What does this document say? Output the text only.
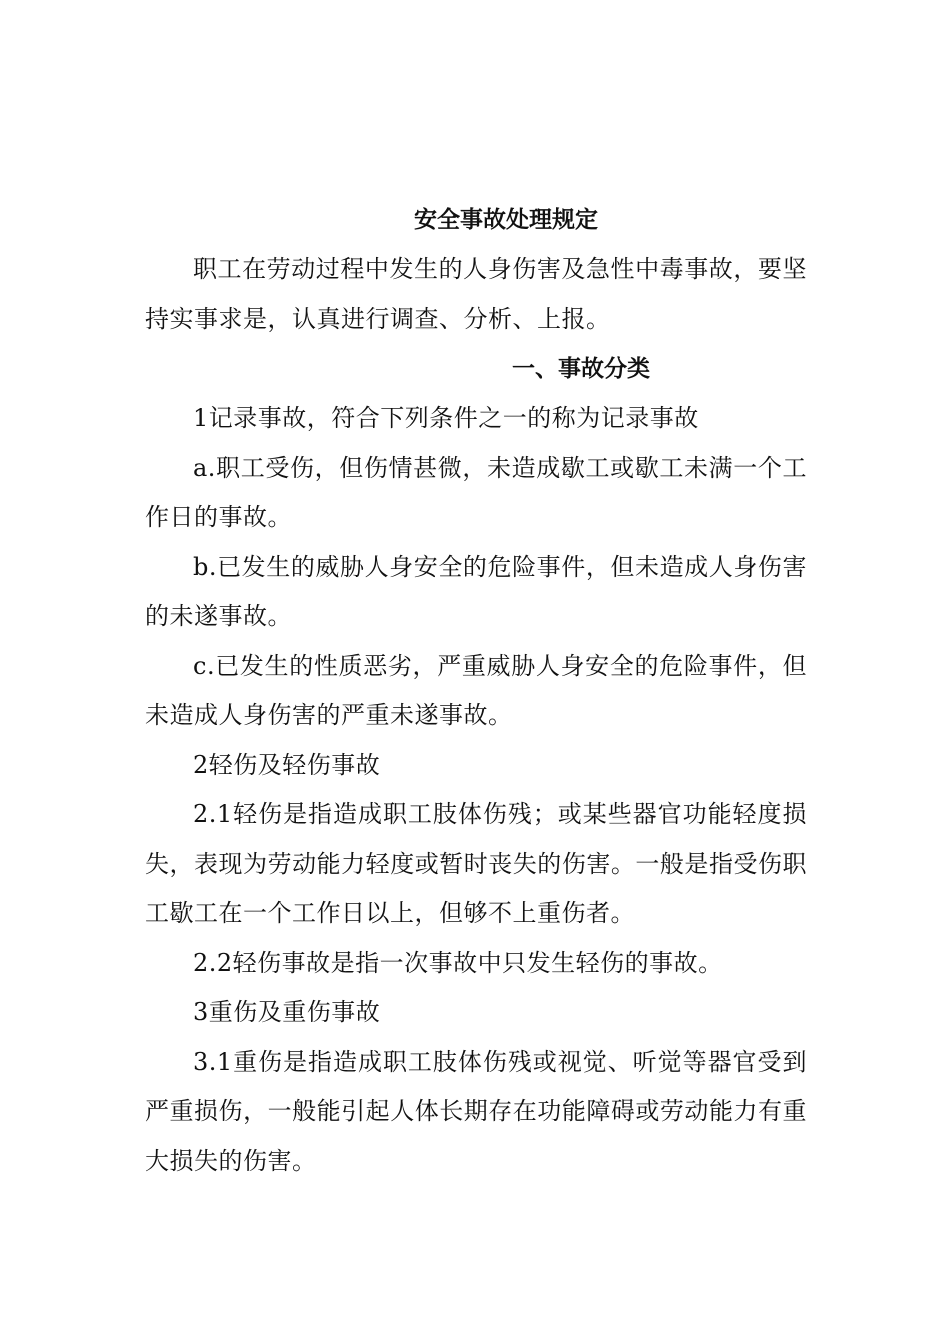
安全事故处理规定

职工在劳动过程中发生的人身伤害及急性中毒事故，要坚持实事求是，认真进行调查、分析、上报。

一、事故分类

1记录事故，符合下列条件之一的称为记录事故

a.职工受伤，但伤情甚微，未造成歇工或歇工未满一个工作日的事故。

b.已发生的威胁人身安全的危险事件，但未造成人身伤害的未遂事故。

c.已发生的性质恶劣，严重威胁人身安全的危险事件，但未造成人身伤害的严重未遂事故。

2轻伤及轻伤事故

2.1轻伤是指造成职工肢体伤残；或某些器官功能轻度损失，表现为劳动能力轻度或暂时丧失的伤害。一般是指受伤职工歇工在一个工作日以上，但够不上重伤者。

2.2轻伤事故是指一次事故中只发生轻伤的事故。

3重伤及重伤事故

3.1重伤是指造成职工肢体伤残或视觉、听觉等器官受到严重损伤，一般能引起人体长期存在功能障碍或劳动能力有重大损失的伤害。
